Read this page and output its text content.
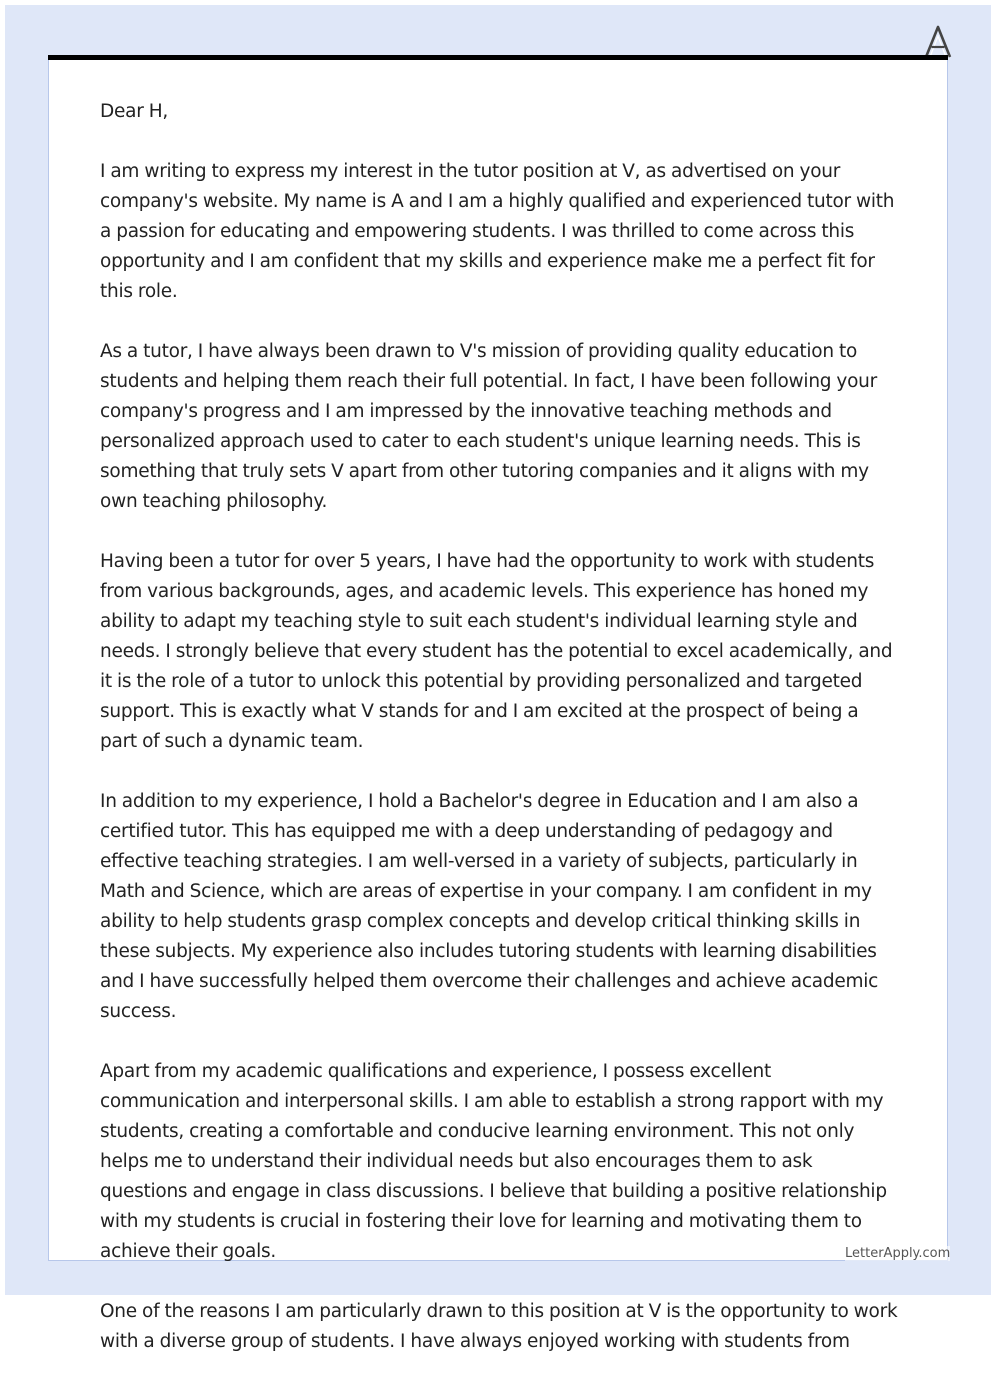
Dear H,

I am writing to express my interest in the tutor position at V, as advertised on your company's website. My name is A and I am a highly qualified and experienced tutor with a passion for educating and empowering students. I was thrilled to come across this opportunity and I am confident that my skills and experience make me a perfect fit for this role.

As a tutor, I have always been drawn to V's mission of providing quality education to students and helping them reach their full potential. In fact, I have been following your company's progress and I am impressed by the innovative teaching methods and personalized approach used to cater to each student's unique learning needs. This is something that truly sets V apart from other tutoring companies and it aligns with my own teaching philosophy.

Having been a tutor for over 5 years, I have had the opportunity to work with students from various backgrounds, ages, and academic levels. This experience has honed my ability to adapt my teaching style to suit each student's individual learning style and needs. I strongly believe that every student has the potential to excel academically, and it is the role of a tutor to unlock this potential by providing personalized and targeted support. This is exactly what V stands for and I am excited at the prospect of being a part of such a dynamic team.

In addition to my experience, I hold a Bachelor's degree in Education and I am also a certified tutor. This has equipped me with a deep understanding of pedagogy and effective teaching strategies. I am well-versed in a variety of subjects, particularly in Math and Science, which are areas of expertise in your company. I am confident in my ability to help students grasp complex concepts and develop critical thinking skills in these subjects. My experience also includes tutoring students with learning disabilities and I have successfully helped them overcome their challenges and achieve academic success.

Apart from my academic qualifications and experience, I possess excellent communication and interpersonal skills. I am able to establish a strong rapport with my students, creating a comfortable and conducive learning environment. This not only helps me to understand their individual needs but also encourages them to ask questions and engage in class discussions. I believe that building a positive relationship with my students is crucial in fostering their love for learning and motivating them to achieve their goals.

One of the reasons I am particularly drawn to this position at V is the opportunity to work with a diverse group of students. I have always enjoyed working with students from

LetterApply.com
